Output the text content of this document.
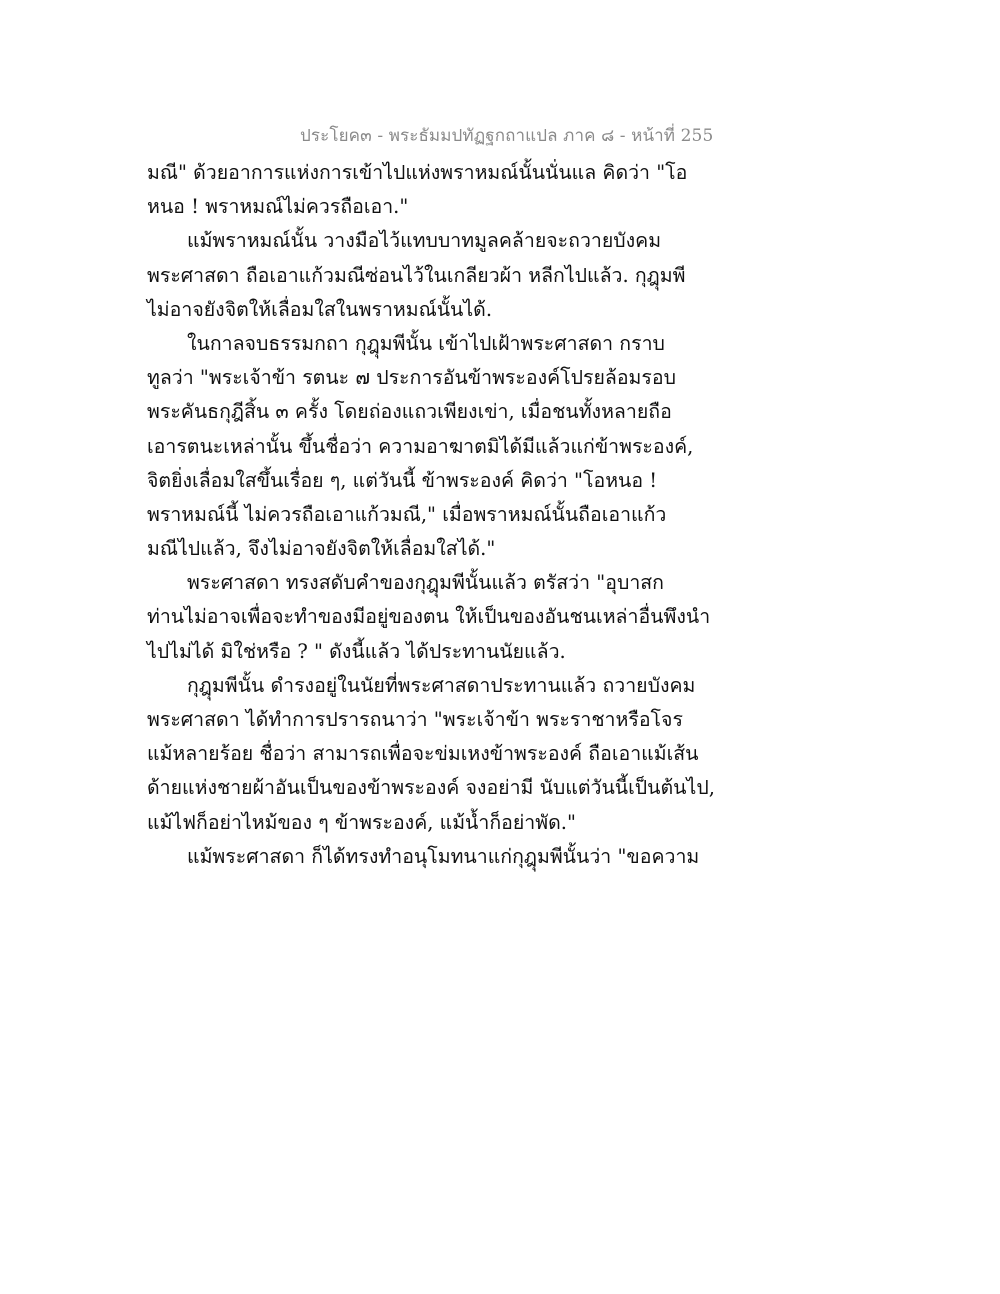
ประโยค๓ - พระธัมมปทัฏฐกถาแปล ภาค ๘ - หน้าที่ 255
มณี" ด้วยอาการแห่งการเข้าไปแห่งพราหมณ์นั้นนั่นแล คิดว่า "โอ
หนอ ! พราหมณ์ไม่ควรถือเอา."
แม้พราหมณ์นั้น วางมือไว้แทบบาทมูลคล้ายจะถวายบังคม
พระศาสดา ถือเอาแก้วมณีซ่อนไว้ในเกลียวผ้า หลีกไปแล้ว. กุฎุมพี
ไม่อาจยังจิตให้เลื่อมใสในพราหมณ์นั้นได้.
ในกาลจบธรรมกถา กุฎุมพีนั้น เข้าไปเฝ้าพระศาสดา กราบ
ทูลว่า "พระเจ้าข้า รตนะ ๗ ประการอันข้าพระองค์โปรยล้อมรอบ
พระคันธกุฎีสิ้น ๓ ครั้ง โดยถ่องแถวเพียงเข่า, เมื่อชนทั้งหลายถือ
เอารตนะเหล่านั้น ขึ้นชื่อว่า ความอาฆาตมิได้มีแล้วแก่ข้าพระองค์,
จิตยิ่งเลื่อมใสขึ้นเรื่อย ๆ, แต่วันนี้ ข้าพระองค์ คิดว่า "โอหนอ !
พราหมณ์นี้ ไม่ควรถือเอาแก้วมณี," เมื่อพราหมณ์นั้นถือเอาแก้ว
มณีไปแล้ว, จึงไม่อาจยังจิตให้เลื่อมใสได้."
พระศาสดา ทรงสดับคำของกุฎุมพีนั้นแล้ว ตรัสว่า "อุบาสก
ท่านไม่อาจเพื่อจะทำของมีอยู่ของตน ให้เป็นของอันชนเหล่าอื่นพึงนำ
ไปไม่ได้ มิใช่หรือ ? " ดังนี้แล้ว ได้ประทานนัยแล้ว.
กุฎุมพีนั้น ดำรงอยู่ในนัยที่พระศาสดาประทานแล้ว ถวายบังคม
พระศาสดา ได้ทำการปรารถนาว่า "พระเจ้าข้า พระราชาหรือโจร
แม้หลายร้อย ชื่อว่า สามารถเพื่อจะข่มเหงข้าพระองค์ ถือเอาแม้เส้น
ด้ายแห่งชายผ้าอันเป็นของข้าพระองค์ จงอย่ามี นับแต่วันนี้เป็นต้นไป,
แม้ไฟก็อย่าไหม้ของ ๆ ข้าพระองค์, แม้น้ำก็อย่าพัด."
แม้พระศาสดา ก็ได้ทรงทำอนุโมทนาแก่กุฎุมพีนั้นว่า "ขอความ
